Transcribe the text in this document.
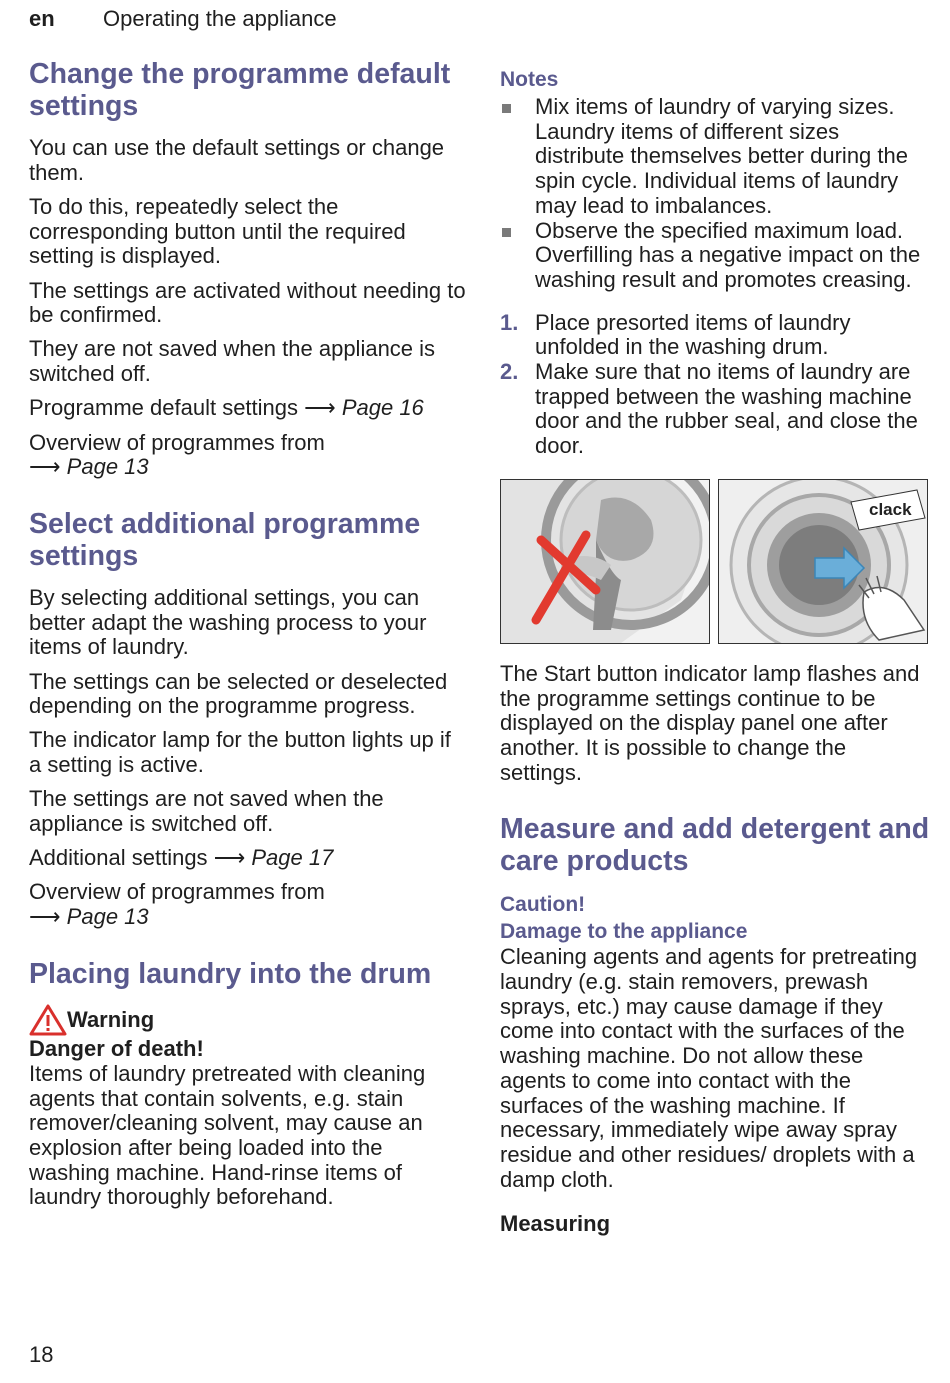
en Operating the appliance
Change the programme default settings

You can use the default settings or change them.

To do this, repeatedly select the corresponding button until the required setting is displayed.

The settings are activated without needing to be confirmed.

They are not saved when the appliance is switched off.

Programme default settings ⟶ Page 16

Overview of programmes from
⟶ Page 13

Select additional programme settings

By selecting additional settings, you can better adapt the washing process to your items of laundry.

The settings can be selected or deselected depending on the programme progress.

The indicator lamp for the button lights up if a setting is active.

The settings are not saved when the appliance is switched off.

Additional settings ⟶ Page 17

Overview of programmes from
⟶ Page 13

Placing laundry into the drum
Warning
Danger of death!

Items of laundry pretreated with cleaning agents that contain solvents, e.g. stain remover/cleaning solvent, may cause an explosion after being loaded into the washing machine. Hand-rinse items of laundry thoroughly beforehand.

Notes
Mix items of laundry of varying sizes. Laundry items of different sizes distribute themselves better during the spin cycle. Individual items of laundry may lead to imbalances.
Observe the specified maximum load. Overfilling has a negative impact on the washing result and promotes creasing.
1. Place presorted items of laundry unfolded in the washing drum.
2. Make sure that no items of laundry are trapped between the washing machine door and the rubber seal, and close the door.
clack

The Start button indicator lamp flashes and the programme settings continue to be displayed on the display panel one after another. It is possible to change the settings.

Measure and add detergent and care products
Caution!
Damage to the appliance

Cleaning agents and agents for pretreating laundry (e.g. stain removers, prewash sprays, etc.) may cause damage if they come into contact with the surfaces of the washing machine. Do not allow these agents to come into contact with the surfaces of the washing machine. If necessary, immediately wipe away spray residue and other residues/ droplets with a damp cloth.

Measuring

18
